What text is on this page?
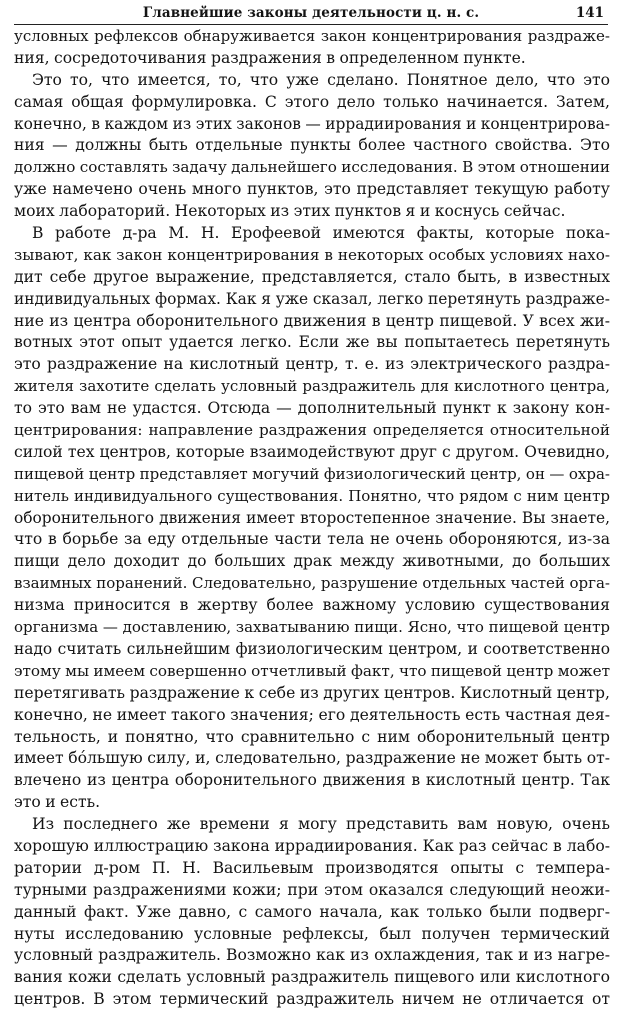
Главнейшие законы деятельности ц. н. с.	141
условных рефлексов обнаруживается закон концентрирования раздраже-
ния, сосредоточивания раздражения в определенном пункте.
Это то, что имеется, то, что уже сделано. Понятное дело, что это
самая общая формулировка. С этого дело только начинается. Затем,
конечно, в каждом из этих законов — иррадиирования и концентрирова-
ния — должны быть отдельные пункты более частного свойства. Это
должно составлять задачу дальнейшего исследования. В этом отношении
уже намечено очень много пунктов, это представляет текущую работу
моих лабораторий. Некоторых из этих пунктов я и коснусь сейчас.
В работе д-ра М. Н. Ерофеевой имеются факты, которые пока-
зывают, как закон концентрирования в некоторых особых условиях нахо-
дит себе другое выражение, представляется, стало быть, в известных
индивидуальных формах. Как я уже сказал, легко перетянуть раздраже-
ние из центра оборонительного движения в центр пищевой. У всех жи-
вотных этот опыт удается легко. Если же вы попытаетесь перетянуть
это раздражение на кислотный центр, т. е. из электрического раздра-
жителя захотите сделать условный раздражитель для кислотного центра,
то это вам не удастся. Отсюда — дополнительный пункт к закону кон-
центрирования: направление раздражения определяется относительной
силой тех центров, которые взаимодействуют друг с другом. Очевидно,
пищевой центр представляет могучий физиологический центр, он — охра-
нитель индивидуального существования. Понятно, что рядом с ним центр
оборонительного движения имеет второстепенное значение. Вы знаете,
что в борьбе за еду отдельные части тела не очень обороняются, из-за
пищи дело доходит до больших драк между животными, до больших
взаимных поранений. Следовательно, разрушение отдельных частей орга-
низма приносится в жертву более важному условию существования
организма — доставлению, захватыванию пищи. Ясно, что пищевой центр
надо считать сильнейшим физиологическим центром, и соответственно
этому мы имеем совершенно отчетливый факт, что пищевой центр может
перетягивать раздражение к себе из других центров. Кислотный центр,
конечно, не имеет такого значения; его деятельность есть частная дея-
тельность, и понятно, что сравнительно с ним оборонительный центр
имеет бóльшую силу, и, следовательно, раздражение не может быть от-
влечено из центра оборонительного движения в кислотный центр. Так
это и есть.
Из последнего же времени я могу представить вам новую, очень
хорошую иллюстрацию закона иррадиирования. Как раз сейчас в лабо-
ратории д-ром П. Н. Васильевым производятся опыты с темпера-
турными раздражениями кожи; при этом оказался следующий неожи-
данный факт. Уже давно, с самого начала, как только были подверг-
нуты исследованию условные рефлексы, был получен термический
условный раздражитель. Возможно как из охлаждения, так и из нагре-
вания кожи сделать условный раздражитель пищевого или кислотного
центров. В этом термический раздражитель ничем не отличается от
